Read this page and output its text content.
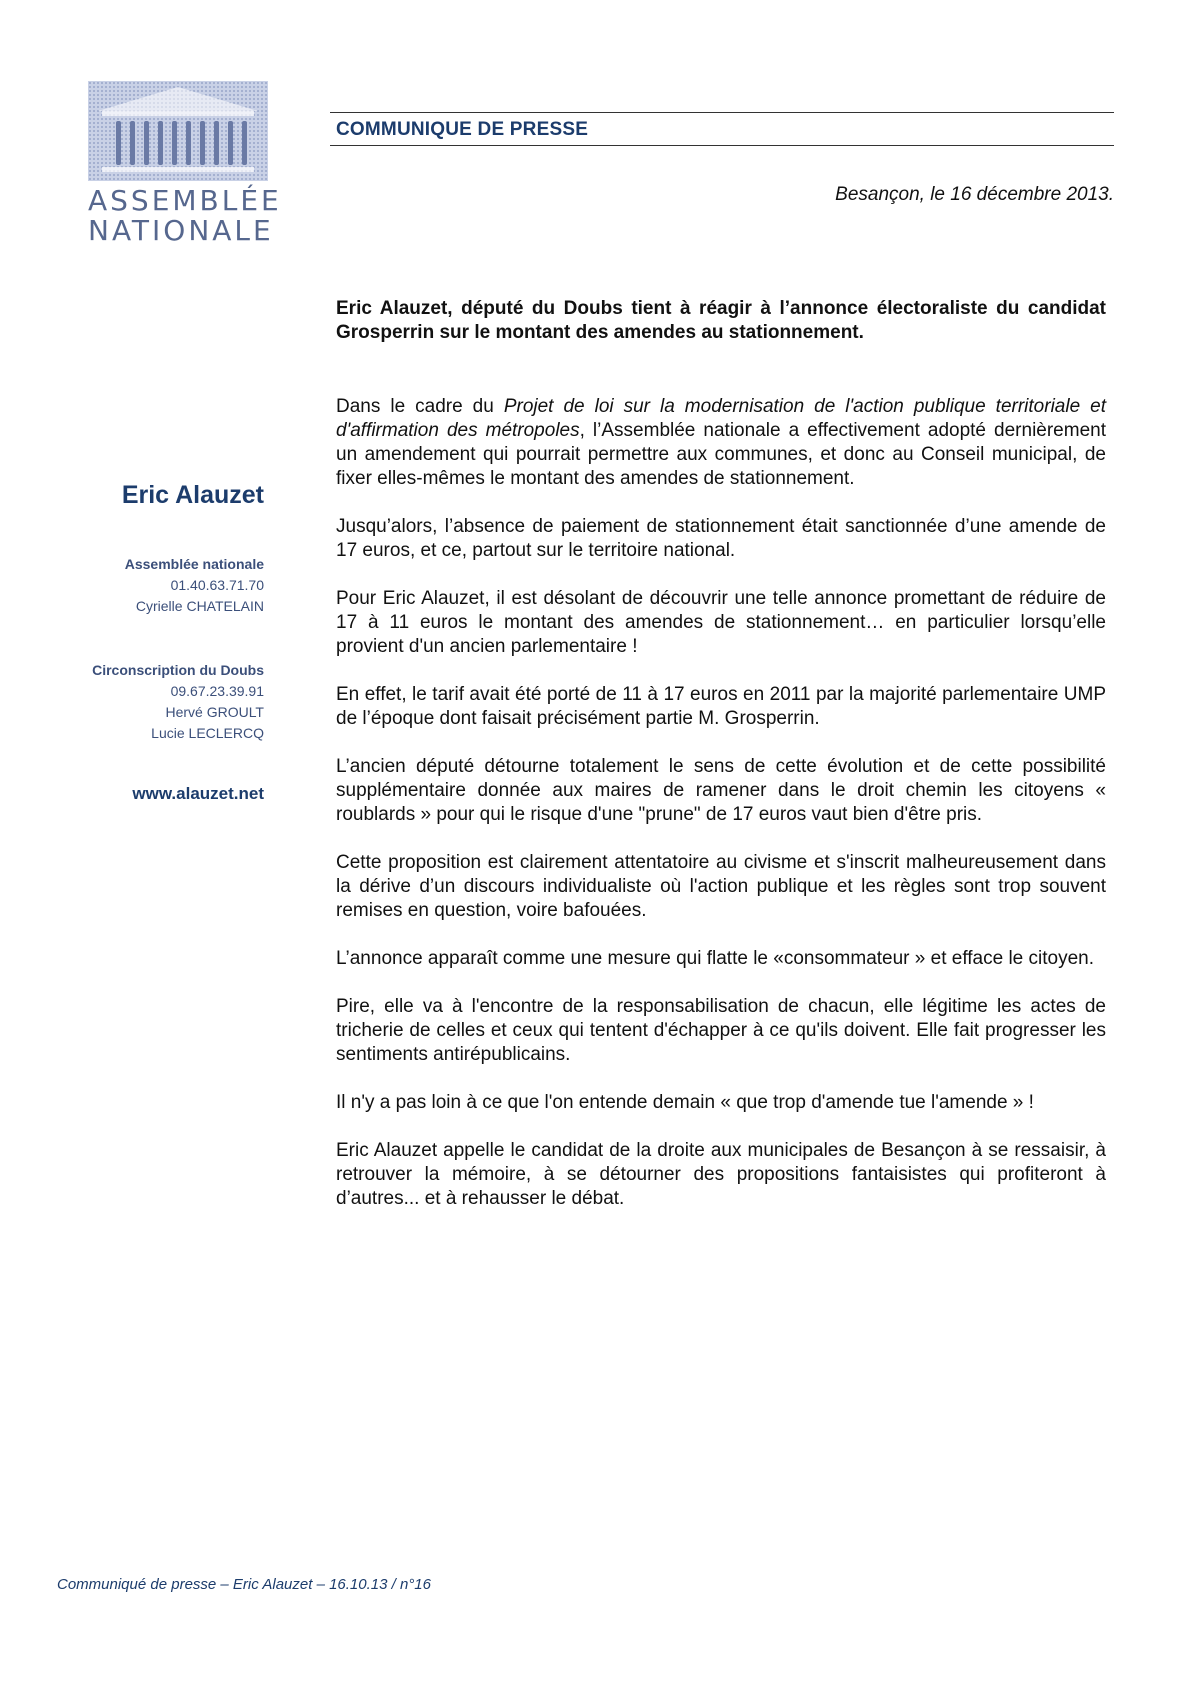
ASSEMBLÉE
NATIONALE
COMMUNIQUE DE PRESSE
Besançon, le 16 décembre 2013.
Eric Alauzet
Assemblée nationale
01.40.63.71.70
Cyrielle CHATELAIN
Circonscription du Doubs
09.67.23.39.91
Hervé GROULT
Lucie LECLERCQ
www.alauzet.net
Eric Alauzet, député du Doubs tient à réagir à l’annonce électoraliste du candidat Grosperrin sur le montant des amendes au stationnement.

Dans le cadre du Projet de loi sur la modernisation de l'action publique territoriale et d'affirmation des métropoles, l’Assemblée nationale a effectivement adopté dernièrement un amendement qui pourrait permettre aux communes, et donc au Conseil municipal, de fixer elles-mêmes le montant des amendes de stationnement.

Jusqu’alors, l’absence de paiement de stationnement était sanctionnée d’une amende de 17 euros, et ce, partout sur le territoire national.

Pour Eric Alauzet, il est désolant de découvrir une telle annonce promettant de réduire de 17 à 11 euros le montant des amendes de stationnement… en particulier lorsqu’elle provient d'un ancien parlementaire !

En effet, le tarif avait été porté de 11 à 17 euros en 2011 par la majorité parlementaire UMP de l’époque dont faisait précisément partie M. Grosperrin.

L’ancien député détourne totalement le sens de cette évolution et de cette possibilité supplémentaire donnée aux maires de ramener dans le droit chemin les citoyens « roublards » pour qui le risque d'une "prune" de 17 euros vaut bien d'être pris.

Cette proposition est clairement attentatoire au civisme et s'inscrit malheureusement dans la dérive d’un discours individualiste où l'action publique et les règles sont trop souvent remises en question, voire bafouées.

L’annonce apparaît comme une mesure qui flatte le «consommateur » et efface le citoyen.

Pire, elle va à l'encontre de la responsabilisation de chacun, elle légitime les actes de tricherie de celles et ceux qui tentent d'échapper à ce qu'ils doivent. Elle fait progresser les sentiments antirépublicains.

Il n'y a pas loin à ce que l'on entende demain « que trop d'amende tue l'amende » !

Eric Alauzet appelle le candidat de la droite aux municipales de Besançon à se ressaisir, à retrouver la mémoire, à se détourner des propositions fantaisistes qui profiteront à d’autres... et à rehausser le débat.

Communiqué de presse – Eric Alauzet – 16.10.13 / n°16
